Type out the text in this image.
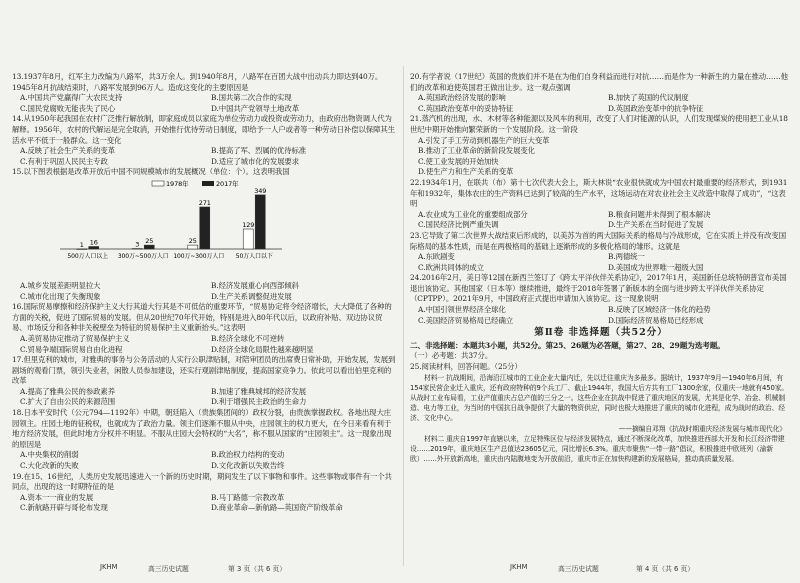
13.1937年8月，红军主力改编为八路军，共3万余人。到1940年8月，八路军在百团大战中出动兵力即达到40万。1945年8月抗战结束时，八路军发展到96万人。造成这变化的主要原因是
A.中国共产党赢得广大农民支持	B.国共第二次合作的实现
C.国民党腐败无能丧失了民心	D.中国共产党领导土地改革
14.从1950年起我国在农村广泛推行解放制，即家庭成员以家庭为单位劳动力或投资或劳动力，由政府出物资调人代为解释。1956年，农村的代解运是完全取消，开始推行优待劳动日制度，即给予一人户或者等一种劳动日补偿以保障其生活水平不低于一般群众。这一变化
A.反映了社会生产关系的变革	B.提高了军、烈属的优待标准
C.有利于巩固人民民主专政	D.适应了城市化的发展要求
15.以下图表根据是改革开放后中国不同规模城市的发展概况（单位：个）。这表明我国
1978年	2017年
1 16
500万人口以上
3 25
300万~500万人口
25
271
100万~300万人口
129
349
50万人口以下
A.城乡发展差距明显拉大	B.经济发展重心向西部倾斜
C.城市化出现了失衡现象	D.生产关系调整促进发展
16.国际贸易摩擦和经济保护主义大行其道大行其是不可低估的重要环节，“贸易协定将令经济增长，大大降低了各种的方面的关税，促进了国际贸易的发展。但从20世纪70年代开始，特别是进入80年代以后，以政府补贴、双边协议贸易、市场反分和各种非关税壁垒为特征的贸易保护主义重新抬头。”这表明
A.美贸易协定推动了贸易保护主义	B.经济全球化不可逆转
C.贸易争端国际贸易自由化进程	D.经济全球化局限性越来越明显
17.但里克利的城市，对雅典的事务与公务活动的人实行公职津贴制，对陪审团员的出席费日常补助，开始发展，发展到剧场的观看门票，领引失业者，闲散人员参加建设，还实行观剧津贴制度，提高国家竞争力。依此可以看出伯里克利的改革
A.提高了雅典公民的参政素养	B.加速了雅典城邦的经济发展
C.扩大了自由公民的来源范围	D.利于增强民主政治的生命力
18.日本平安时代（公元794—1192年）中期，朝廷陷入（贵族集团间的）政权分裂，由贵族掌握政权。各地出现大庄园领主。庄园土地的征税权，也就成为了政治力量。领主们逐渐不服从中央，庄园领主的权力更大，在今日来看有利于地方经济发展，但此时地方分权并不明显。不服从庄园大会特权的“大名”，称不服从国家的“庄园领主”。这一现象出现的原因是
A.中央集权的削弱	B.政治权力结构的变动
C.大化改新的失败	D.文化改新以失败告终
19.在15、16世纪，人类历史发展迅速进入一个新的历史时期，期间发生了以下事物和事件。这些事物或事件有一个共同点，出现的这一时期特征的是
A.资本一一商业的发展	B.马丁路德一宗教改革
C.新航路开辟与哥伦布发现	D.商业革命—新航路—英国资产阶级革命
20.有学者说（17世纪）英国的贵族们并不是在为他们自身利益而进行对抗……而是作为一种新生的力量在推动……他们的改革和迫使英国君王做出让步。这一观点强调
A.英国政治经济发展的影响	B.加快了英国的代议制度
C.英国政治变革中的妥协特征	D.英国政治变革中的抗争特征
21.蒸汽机的出现，水、木材等各种能源以及风车的利用，改变了人们对能源的认识，人们发现煤炭的使用把工业从18世纪中期开始推向繁荣新的一个发展阶段。这一阶段
A.引发了手工劳动到机器生产的巨大变革
B.推动了工业革命的新阶段发展变化
C.使工业发展的开始加快
D.使生产力和生产关系的变革
22.1934年1月，在联共（布）第十七次代表大会上，斯大林说“农业很快就成为中国农村最重要的经济形式，到1931年和1932年，集体农庄的生产资料已达到了较高的生产水平，这场运动在对农业社会主义改造中取得了成功”，“这表明
A.农业成为工业化的重要组成部分	B.粮食问题并未得到了根本解决
C.国民经济比例严重失调	D.生产关系在当时促进了发展
23.它导致了第二次世界大战结束后形成的，以美苏为首的两大国际关系的格局与冷战形成，它在实质上并没有改变国际格局的基本性质，而是在两极格局的基础上逐渐形成的多极化格局的雏形。这就是
A.东欧剧变	B.两德统一
C.欧洲共同体的成立	D.美国成为世界唯一超级大国
24.2016年2月，美日等12国在新西兰签订了《跨太平洋伙伴关系协定》，2017年1月，美国新任总统特朗普宣布美国退出该协定。其他国家（日本等）继续推进，最终于2018年签署了新版本的全面与进步跨太平洋伙伴关系协定（CPTPP）。2021年9月，中国政府正式提出申请加入该协定。这一现象说明
A.中国引领世界经济全球化	B.反映了区域经济一体化的趋势
C.美国经济贸易格局已经确立	D.国际经济贸易格局已经形成
第Ⅱ卷 非选择题（共52分）
二、非选择题：本题共3小题，共52分。第25、26题为必答题，第27、28、29题为选考题。
（一）必考题：共37分。
25.阅读材料，回答问题。（25分）
材料一 抗战期间，沿海沿江城市的工业企业大量内迁，先以迁往重庆为多最多。据统计，1937年9月—1940年6月间，有154家民营企业迁入重庆，还有政府特种的9个兵工厂、截止1944年，我国大后方共有工厂1300余家，仅重庆一地就有450家。从战时工业布局看，工业产值重庆占总产值的三分之一。这些企业在抗战中促进了重庆地区的发展，尤其是化学、冶金、机械制造、电力等工业，为当时的中国抗日战争提供了大量的物资供应，同时也极大地推进了重庆的城市化进程，成为战时的政治、经济、文化中心。
——摘编自邓翔《抗战时期重庆经济发展与城市现代化》
材料二 重庆自1997年直辖以来，立足特殊区位与经济发展特点，通过不断深化改革，加快推进西部大开发和长江经济带建设……2019年，重庆地区生产总值达23605亿元，同比增长6.3%。重庆市聚焦“一带一路”倡议，积极推进中欧班列（渝新欧）……外开放新高地，重庆由内陆腹地变为开放前沿，重庆市正在加快构建新的发展格局，推动高质量发展。
JKHM	高三历史试题	第 3 页（共 6 页）	JKHM	高三历史试题	第 4 页（共 6 页）
